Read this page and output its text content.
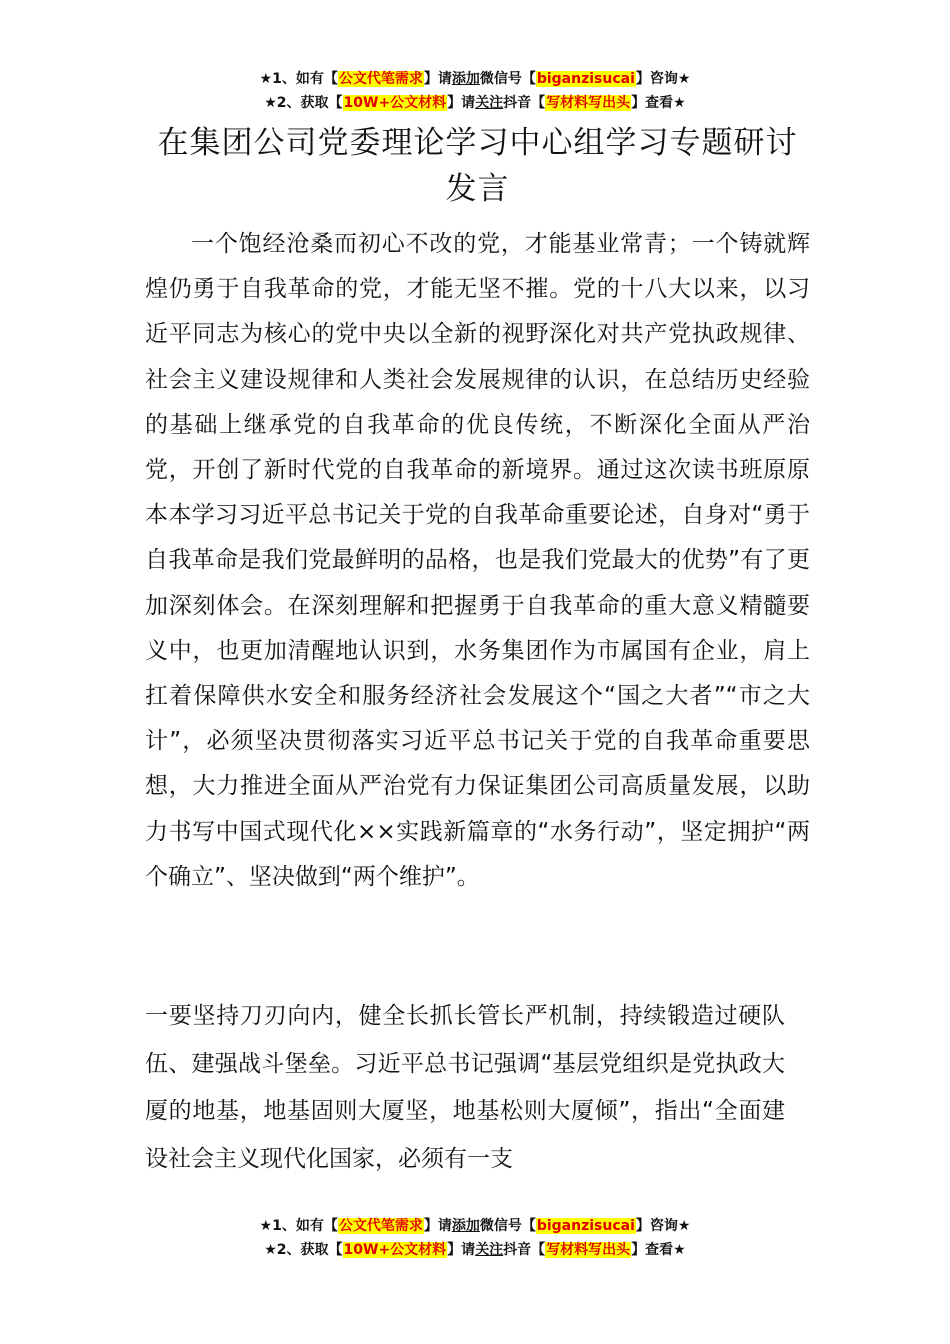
★1、如有【公文代笔需求】请添加微信号【biganzisucai】咨询★
★2、获取【10W+公文材料】请关注抖音【写材料写出头】查看★
在集团公司党委理论学习中心组学习专题研讨发言

一个饱经沧桑而初心不改的党，才能基业常青；一个铸就辉煌仍勇于自我革命的党，才能无坚不摧。党的十八大以来，以习近平同志为核心的党中央以全新的视野深化对共产党执政规律、社会主义建设规律和人类社会发展规律的认识，在总结历史经验的基础上继承党的自我革命的优良传统，不断深化全面从严治党，开创了新时代党的自我革命的新境界。通过这次读书班原原本本学习习近平总书记关于党的自我革命重要论述，自身对“勇于自我革命是我们党最鲜明的品格，也是我们党最大的优势”有了更加深刻体会。在深刻理解和把握勇于自我革命的重大意义精髓要义中，也更加清醒地认识到，水务集团作为市属国有企业，肩上扛着保障供水安全和服务经济社会发展这个“国之大者”“市之大计”，必须坚决贯彻落实习近平总书记关于党的自我革命重要思想，大力推进全面从严治党有力保证集团公司高质量发展，以助力书写中国式现代化××实践新篇章的“水务行动”，坚定拥护“两个确立”、坚决做到“两个维护”。

一要坚持刀刃向内，健全长抓长管长严机制，持续锻造过硬队伍、建强战斗堡垒。习近平总书记强调“基层党组织是党执政大厦的地基，地基固则大厦坚，地基松则大厦倾”，指出“全面建设社会主义现代化国家，必须有一支

★1、如有【公文代笔需求】请添加微信号【biganzisucai】咨询★
★2、获取【10W+公文材料】请关注抖音【写材料写出头】查看★
